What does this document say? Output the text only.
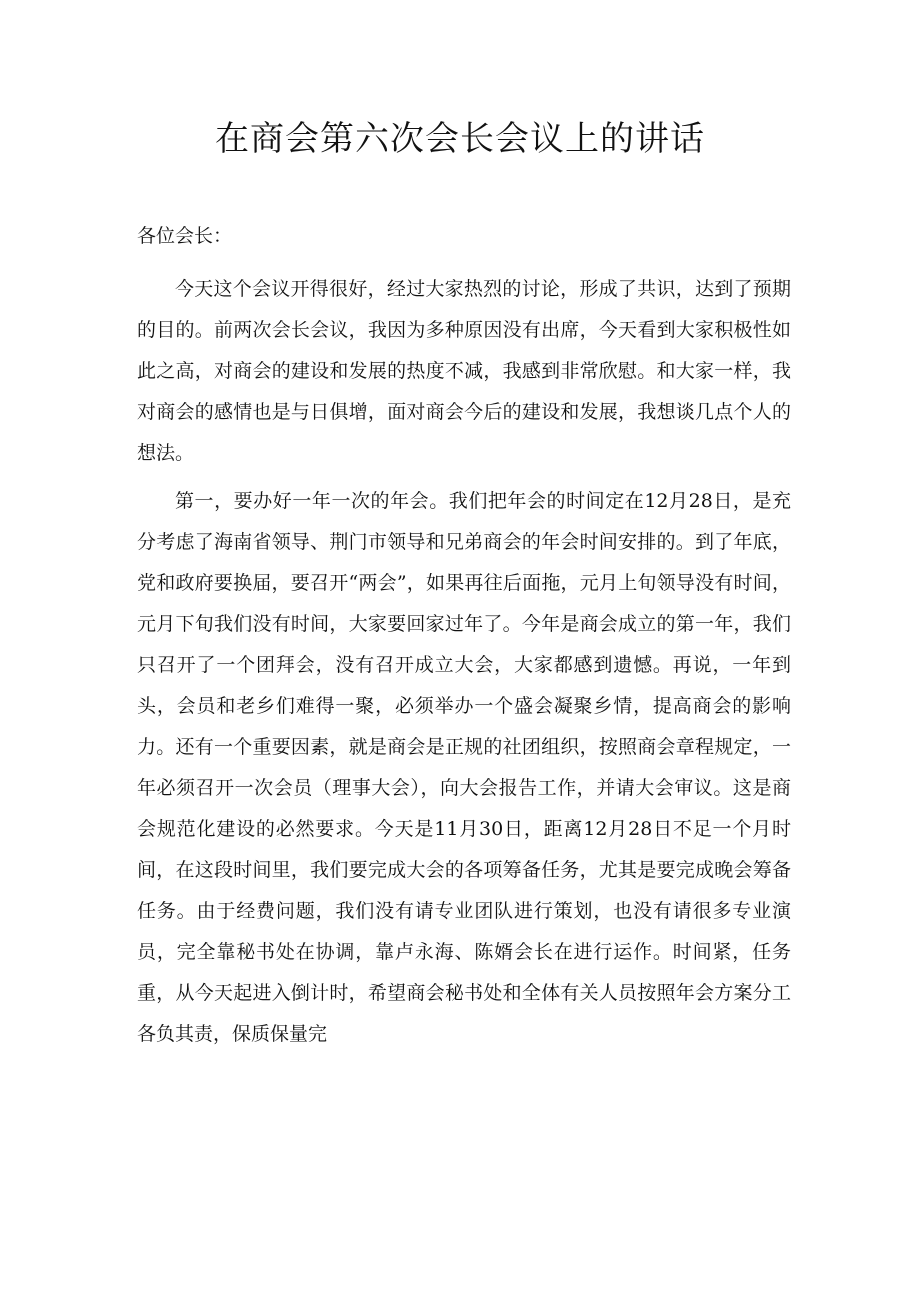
在商会第六次会长会议上的讲话

各位会长：

今天这个会议开得很好，经过大家热烈的讨论，形成了共识，达到了预期的目的。前两次会长会议，我因为多种原因没有出席，今天看到大家积极性如此之高，对商会的建设和发展的热度不减，我感到非常欣慰。和大家一样，我对商会的感情也是与日俱增，面对商会今后的建设和发展，我想谈几点个人的想法。

第一，要办好一年一次的年会。我们把年会的时间定在12月28日，是充分考虑了海南省领导、荆门市领导和兄弟商会的年会时间安排的。到了年底，党和政府要换届，要召开“两会”，如果再往后面拖，元月上旬领导没有时间，元月下旬我们没有时间，大家要回家过年了。今年是商会成立的第一年，我们只召开了一个团拜会，没有召开成立大会，大家都感到遗憾。再说，一年到头，会员和老乡们难得一聚，必须举办一个盛会凝聚乡情，提高商会的影响力。还有一个重要因素，就是商会是正规的社团组织，按照商会章程规定，一年必须召开一次会员（理事大会），向大会报告工作，并请大会审议。这是商会规范化建设的必然要求。今天是11月30日，距离12月28日不足一个月时间，在这段时间里，我们要完成大会的各项筹备任务，尤其是要完成晚会筹备任务。由于经费问题，我们没有请专业团队进行策划，也没有请很多专业演员，完全靠秘书处在协调，靠卢永海、陈婿会长在进行运作。时间紧，任务重，从今天起进入倒计时，希望商会秘书处和全体有关人员按照年会方案分工各负其责，保质保量完
